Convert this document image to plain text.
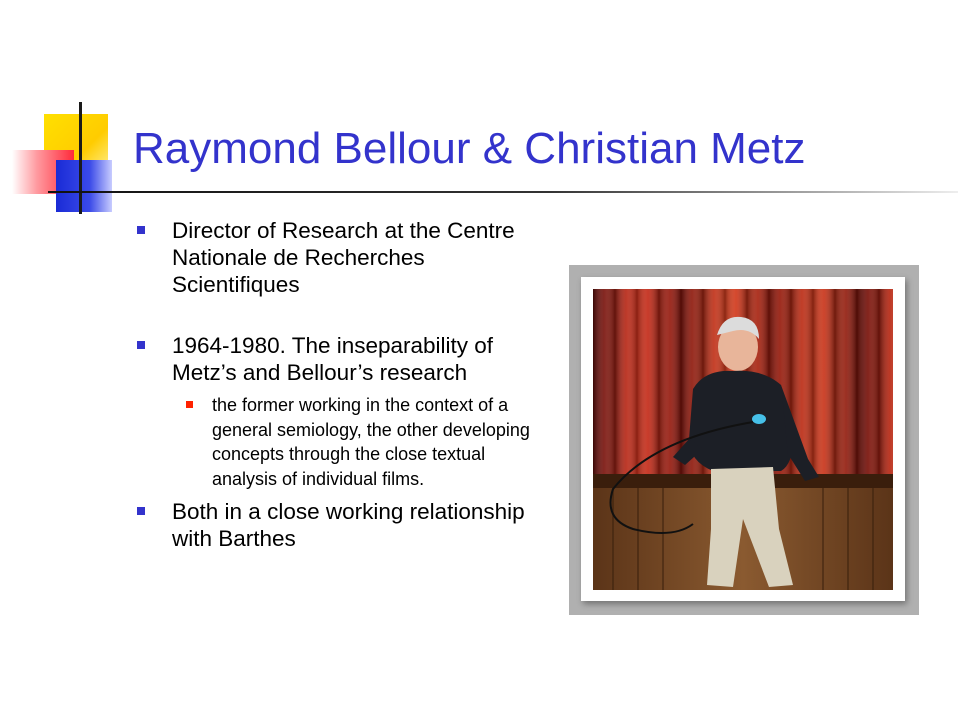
Raymond Bellour & Christian Metz
Director of Research at the Centre Nationale de Recherches Scientifiques
1964-1980. The inseparability of Metz’s and Bellour’s research
the former working in the context of a general semiology, the other developing concepts through the close textual analysis of individual films.
Both in a close working relationship with Barthes
